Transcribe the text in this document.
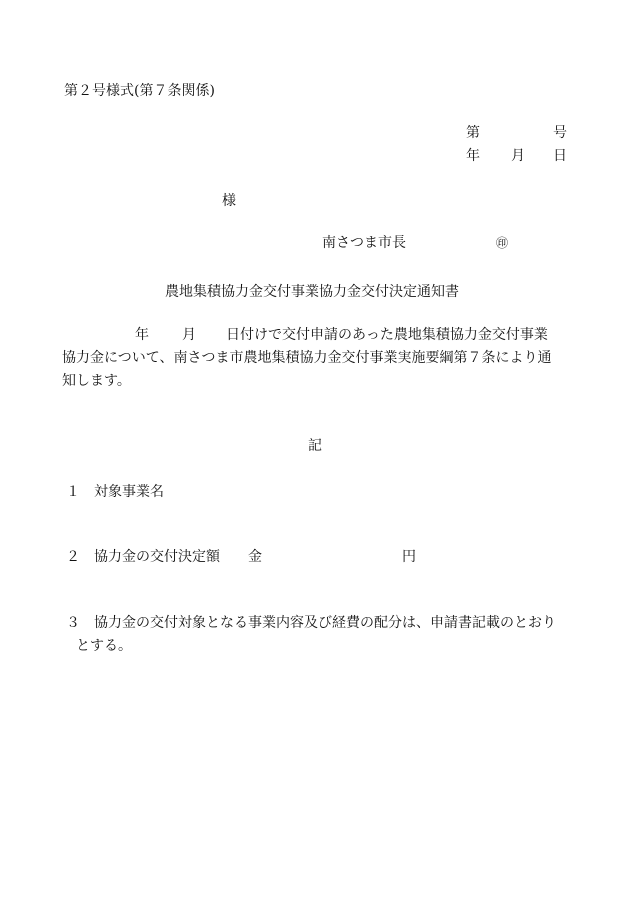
第２号様式(第７条関係)
第	号
年 月 日
様
南さつま市長	㊞
農地集積協力金交付事業協力金交付決定通知書
年 月 日付けで交付申請のあった農地集積協力金交付事業
協力金について、南さつま市農地集積協力金交付事業実施要綱第７条により通
知します。
記
１ 対象事業名
２ 協力金の交付決定額 金	円
３ 協力金の交付対象となる事業内容及び経費の配分は、申請書記載のとおり
とする。
